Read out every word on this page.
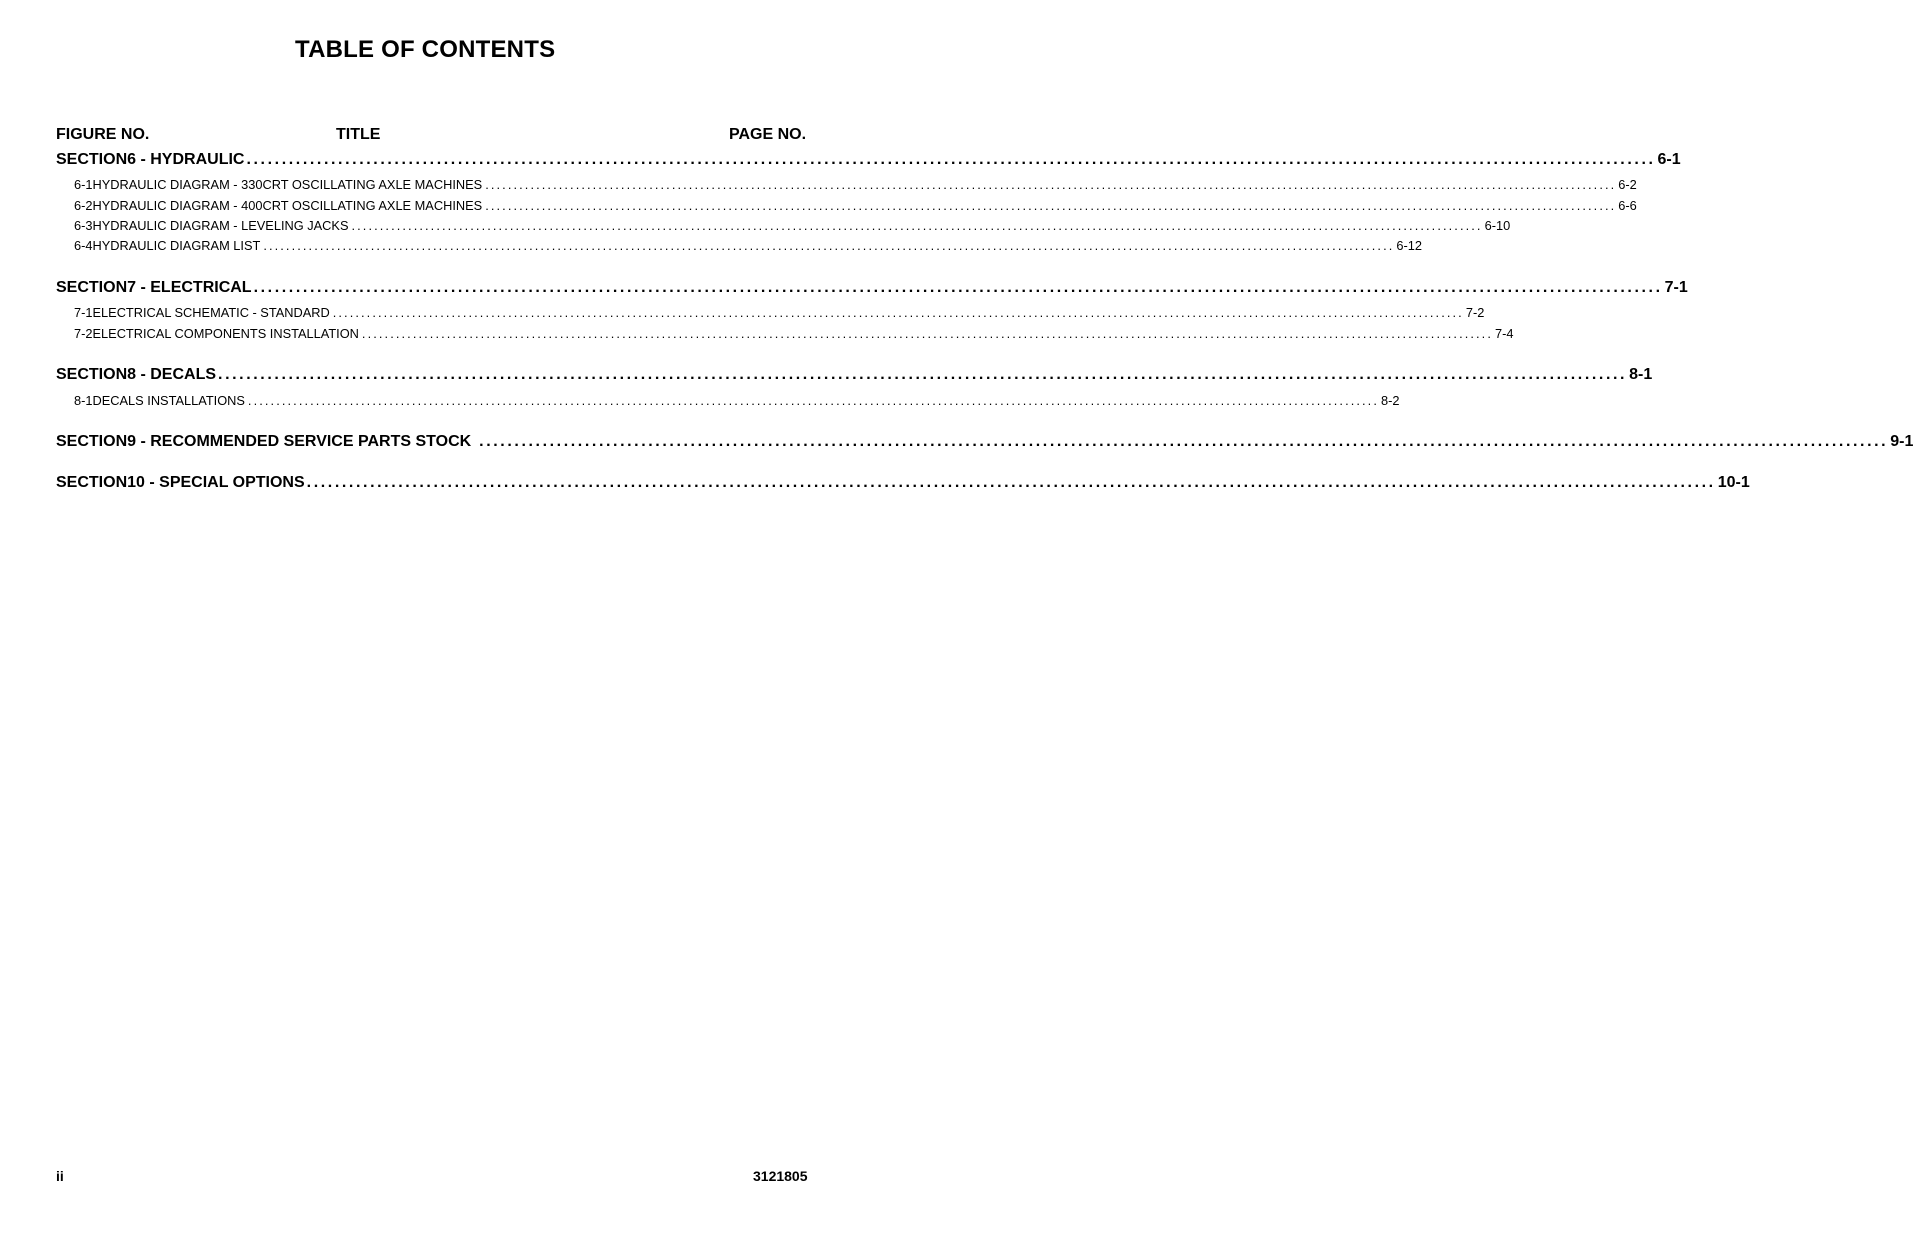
TABLE OF CONTENTS
FIGURE NO.	TITLE	PAGE NO.
SECTION 6 - HYDRAULIC ........................................................................................................................................................................................................ 6-1
6-1 HYDRAULIC DIAGRAM - 330CRT OSCILLATING AXLE MACHINES ........................................................................................................................................................................................................ 6-2
6-2 HYDRAULIC DIAGRAM - 400CRT OSCILLATING AXLE MACHINES ........................................................................................................................................................................................................ 6-6
6-3 HYDRAULIC DIAGRAM - LEVELING JACKS ........................................................................................................................................................................................................ 6-10
6-4 HYDRAULIC DIAGRAM LIST ........................................................................................................................................................................................................ 6-12
SECTION 7 - ELECTRICAL ........................................................................................................................................................................................................ 7-1
7-1 ELECTRICAL SCHEMATIC - STANDARD ........................................................................................................................................................................................................ 7-2
7-2 ELECTRICAL COMPONENTS INSTALLATION ........................................................................................................................................................................................................ 7-4
SECTION 8 - DECALS ........................................................................................................................................................................................................ 8-1
8-1 DECALS INSTALLATIONS ........................................................................................................................................................................................................ 8-2
SECTION 9 - RECOMMENDED SERVICE PARTS STOCK ........................................................................................................................................................................................................ 9-1
SECTION 10 - SPECIAL OPTIONS ........................................................................................................................................................................................................ 10-1
ii	3121805
